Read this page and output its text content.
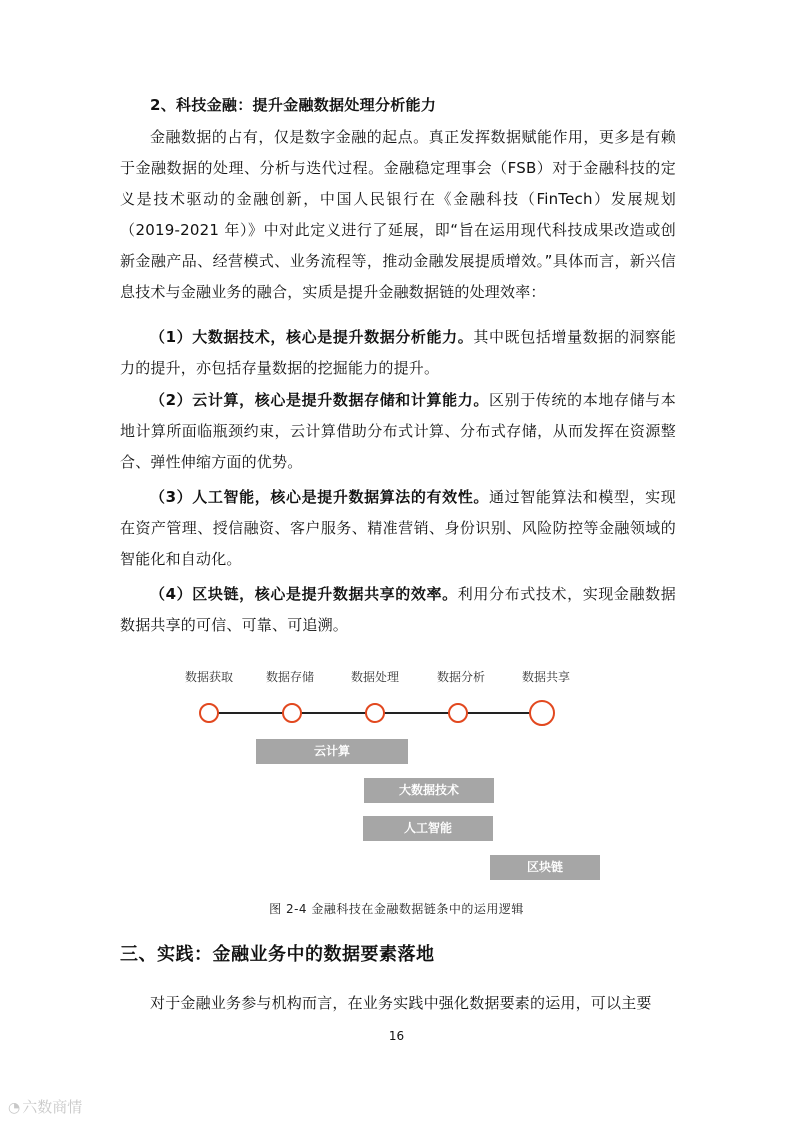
2、科技金融：提升金融数据处理分析能力
金融数据的占有，仅是数字金融的起点。真正发挥数据赋能作用，更多是有赖于金融数据的处理、分析与迭代过程。金融稳定理事会（FSB）对于金融科技的定义是技术驱动的金融创新，中国人民银行在《金融科技（FinTech）发展规划（2019-2021 年）》中对此定义进行了延展，即“旨在运用现代科技成果改造或创新金融产品、经营模式、业务流程等，推动金融发展提质增效。”具体而言，新兴信息技术与金融业务的融合，实质是提升金融数据链的处理效率：
（1）大数据技术，核心是提升数据分析能力。其中既包括增量数据的洞察能力的提升，亦包括存量数据的挖掘能力的提升。
（2）云计算，核心是提升数据存储和计算能力。区别于传统的本地存储与本地计算所面临瓶颈约束，云计算借助分布式计算、分布式存储，从而发挥在资源整合、弹性伸缩方面的优势。
（3）人工智能，核心是提升数据算法的有效性。通过智能算法和模型，实现在资产管理、授信融资、客户服务、精准营销、身份识别、风险防控等金融领域的智能化和自动化。
（4）区块链，核心是提升数据共享的效率。利用分布式技术，实现金融数据数据共享的可信、可靠、可追溯。
数据获取	数据存储	数据处理	数据分析	数据共享
云计算
大数据技术
人工智能
区块链
图 2-4 金融科技在金融数据链条中的运用逻辑
三、实践：金融业务中的数据要素落地
对于金融业务参与机构而言，在业务实践中强化数据要素的运用，可以主要
16
◔ 六数商情
